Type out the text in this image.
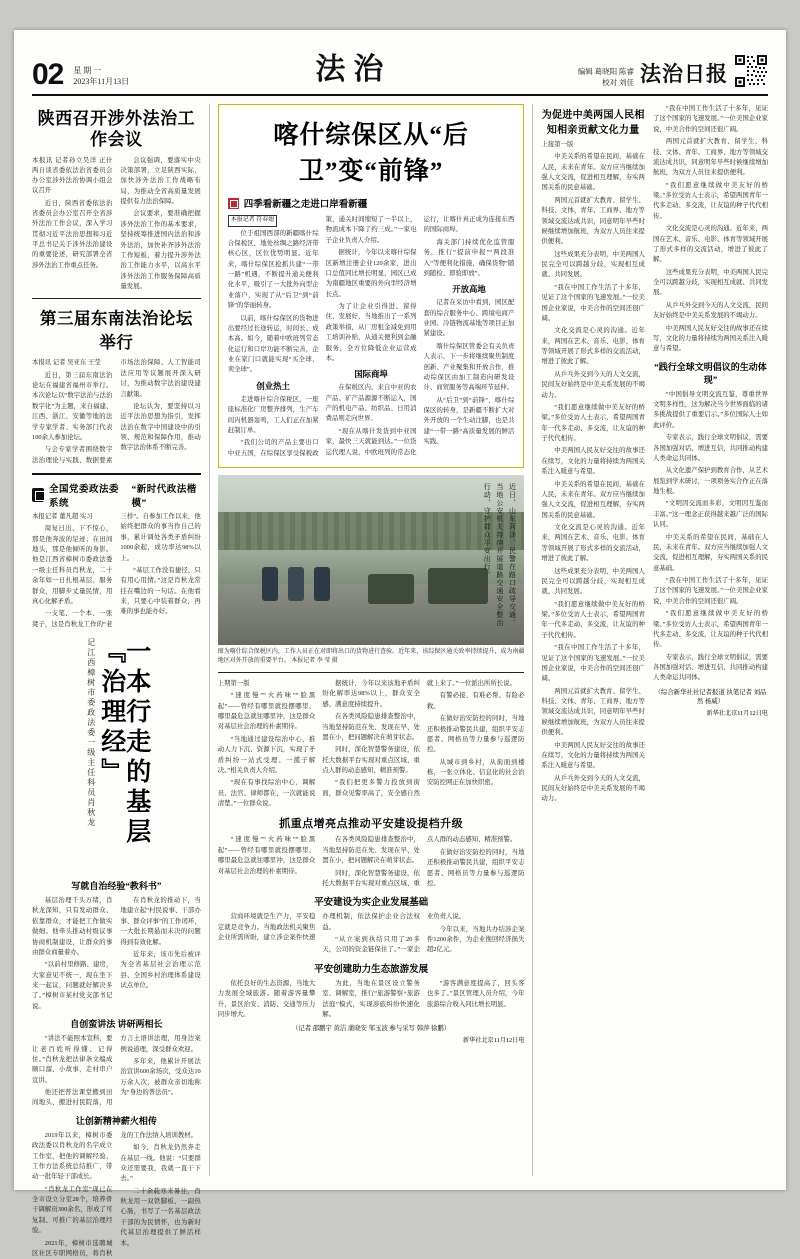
02 星期一
2023年11月13日	法治	编辑 葛晓阳 陈睿
校对 刘佳 法治日报
陕西召开涉外法治工作会议

本报讯 记者孙立昊洋 正什 两自谈省委依法治省委员会办公室涉外法治协调小组会议召开

近日，陕西省委依法治省委员会办公室召开全省涉外法治工作会议，深入学习贯彻习近平法治思想和习近平总书记关于涉外法治建设的重要论述，研究部署全省涉外法治工作重点任务。

会议强调，要落实中央决策部署，立足陕西实际，加快涉外法治工作战略布局，为推动全省高质量发展提供有力法治保障。

会议要求，要准确把握涉外法治工作的基本要求，坚持统筹推进国内法治和涉外法治，加快补齐涉外法治工作短板，着力提升涉外法治工作能力水平，以高水平涉外法治工作服务保障高质量发展。

第三届东南法治论坛举行

本报讯 记者 吴亚东 王莹

近日，第三届东南法治论坛在福建省福州市举行。本次论坛以“数字法治与法治数字化”为主题，来自福建、江西、浙江、安徽等地的法学专家学者、实务部门代表100余人参加论坛。

与会专家学者围绕数字法治理论与实践、数据要素市场法治保障、人工智能司法应用等议题展开深入研讨，为推动数字法治建设建言献策。

论坛认为，要坚持以习近平法治思想为指引，发挥法治在数字中国建设中的引领、规范和保障作用，推动数字法治体系不断完善。

全国党委政法委系统
“新时代政法楷模”

本报记者 董凡超 实习

周复日出、下不惊心，那是他奔波的足迹；在田间地头，那是他倾听的身影。他是江西省樟树市委政法委一级主任科员肖秋龙，二十余年如一日扎根基层、服务群众，用脚步丈量民情，用真心化解矛盾。

一支笔、一个本、一张凳子，这是肖秋龙工作的“老三样”。自参加工作以来，他始终把群众的事当作自己的事，累计调处各类矛盾纠纷1000余起，成功率达98%以上。

“基层工作没有捷径，只有用心用情。”这是肖秋龙常挂在嘴边的一句话。在他看来，只要心中装着群众，再难的事也能办好。

一本行走的基层『治理经』
记江西樟树市委政法委一级主任科员肖秋龙
写就自治经验“教科书”

基层治理千头万绪，肖秋龙深知，只有发动群众、依靠群众，才能把工作做实做细。他牵头推动村级议事协商机制建设，让群众的事由群众商量着办。

“以前村里修路、建房，大家意见不统一，现在坐下来一起议，问题就好解决多了。”樟树市某村党支部书记说。

在肖秋龙的推动下，当地建立起“村民说事、干部办事、群众评事”的工作闭环，一大批长期悬而未决的问题得到有效化解。

近年来，该市先后被评为全省基层社会治理示范县、全国乡村治理体系建设试点单位。

自创蛮讲法 讲研两相长

“讲法不能照本宣科，要让老百姓听得懂、记得住。”肖秋龙把法律条文编成顺口溜、小故事，走村串户宣讲。

他还把普法课堂搬到田间地头、搬进村民院落，用方言土语讲法理，用身边案例说道理，深受群众欢迎。

多年来，他累计开展法治宣讲600余场次，受众达10万余人次，被群众亲切地称为“身边的普法员”。

让创新精神薪火相传

2019年以来，樟树市委政法委以肖秋龙的名字成立工作室，把他的调解经验、工作方法系统总结推广，带动一批年轻干部成长。

“肖秋龙工作室”现已在全市设立分室28个，培养骨干调解员300余名，形成了可复制、可推广的基层治理经验。

2021年，樟树市选聘城区社区专职网格员，将肖秋龙的工作法纳入培训教材。

如今，肖秋龙仍然奔走在基层一线。他说：“只要群众还需要我，我就一直干下去。”

二十余载寒来暑往，肖秋龙用一双铁脚板、一副热心肠，书写了一名基层政法干部的为民情怀，也为新时代基层治理提供了鲜活样本。

喀什综保区从“后卫”变“前锋”
四季看新疆之走进口岸看新疆

本报记者 符春媳

位于祖国西部的新疆喀什综合保税区，地处丝绸之路经济带核心区，区位优势明显。近年来，喀什综保区抢抓共建“一带一路”机遇，不断提升通关便利化水平，吸引了一大批外向型企业落户，实现了从“后卫”到“前锋”的华丽转身。

以前，喀什综保区的货物进出要经过长途转运，时间长、成本高。如今，随着中欧班列常态化运行和口岸功能不断完善，企业在家门口就能实现“买全球、卖全球”。

创业热土

走进喀什综合保税区，一座座标准化厂房整齐排列，生产车间内机器轰鸣，工人们正在加紧赶制订单。

“我们公司的产品主要出口中亚五国，在综保区享受保税政策，通关时间缩短了一半以上，物流成本下降了约三成。”一家电子企业负责人介绍。

据统计，今年以来喀什综保区新增注册企业120余家，进出口总值同比增长明显，园区已成为南疆地区重要的外向型经济增长点。

为了让企业引得进、留得住、发展好，当地推出了一系列政策举措，从厂房租金减免到用工培训补贴，从通关便利到金融服务，全方位降低企业运营成本。

国际商埠

在保税区内，来自中亚的农产品、矿产品源源不断运入，国产的机电产品、纺织品、日用消费品则走向世界。

“现在从喀什发货到中亚国家，最快三天就能到达。”一位货运代理人说，中欧班列的常态化运行，让喀什真正成为连接东西的国际商埠。

海关部门持续优化监管服务，推行“提前申报”“两段准入”等便利化措施，确保货物“随到随检、即验即放”。

开放高地

记者在采访中看到，园区配套的综合服务中心、跨境电商产业园、冷链物流基地等项目正加紧建设。

喀什综保区管委会有关负责人表示，下一步将继续聚焦制度创新、产业聚集和开放合作，推动综保区由加工制造向研发设计、商贸服务等高端环节延伸。

从“后卫”到“前锋”，喀什综保区的转身，是新疆不断扩大对外开放的一个生动注脚，也是共建“一带一路”高质量发展的鲜活实践。

近日，山东菏泽，民警在路口疏导交通。当地公安机关持续开展道路交通安全整治行动，守护群众平安出行。
图为喀什综合保税区内，工作人员正在对即将出口的货物进行查验。近年来，该综保区通关效率持续提升，成为南疆地区对外开放的重要平台。 本报记者 李 莹 摄

上期第一版

“速度慢”“火药味”“脸黑起”——曾经有哪里就投摆哪里、哪里最危急就往哪里冲，这是群众对基层社会治理的朴素期待。

“当地通过建设综治中心，推动人力下沉、资源下沉，实现了矛盾纠纷一站式受理、一揽子解决。”相关负责人介绍。

“现在有事找综治中心，调解员、法官、律师都在，一次就能说清楚。”一位群众说。

据统计，今年以来该地矛盾纠纷化解率达98%以上，群众安全感、满意度持续提升。

在各类风险隐患排查整治中，当地坚持防范在先、发现在早、处置在小，把问题解决在萌芽状态。

同时，深化智慧警务建设，依托大数据平台实现对重点区域、重点人群的动态感知、精准预警。

“我们把更多警力投放到街面，群众见警率高了，安全感自然就上来了。”一位派出所所长说。

有警必接、有难必帮、有险必救。

在做好治安防控的同时，当地还积极推动警民共建，组织平安志愿者、网格员等力量参与巡逻防控。

从城市到乡村，从街面到楼栋，一张立体化、信息化的社会治安防控网正在加快织密。

抓重点增亮点推动平安建设提档升级

“速度慢”“火药味”“脸黑起”——曾经有哪里就投摆哪里、哪里最危急就往哪里冲，这是群众对基层社会治理的朴素期待。

在各类风险隐患排查整治中，当地坚持防范在先、发现在早、处置在小，把问题解决在萌芽状态。

同时，深化智慧警务建设，依托大数据平台实现对重点区域、重点人群的动态感知、精准预警。

在做好治安防控的同时，当地还积极推动警民共建，组织平安志愿者、网格员等力量参与巡逻防控。

平安建设为实企业发展基础

营商环境就是生产力，平安稳定就是竞争力。当地政法机关聚焦企业所需所盼，建立涉企案件快速办理机制，依法保护企业合法权益。

“从立案到执结只用了20多天，公司的资金链保住了。”一家企业负责人说。

今年以来，当地共办结涉企案件1200余件，为企业挽回经济损失超2亿元。

平安创建助力生态旅游发展

依托良好的生态资源，当地大力发展全域旅游。随着游客量攀升，景区治安、消防、交通等压力同步增大。

为此，当地在景区设立警务室、调解室，推行“旅游警察+旅游法庭”模式，实现涉旅纠纷快速化解。

“游客满意度提高了，回头客也多了。”景区管理人员介绍，今年旅游综合收入同比增长明显。

（记者 邵鹏宇 黄洁 蒲晓安 邹⽟波 参与采写 韩萍 徐鹏）
新华社北京11月12日电
为促进中美两国人民相知相亲贡献文化力量

上接第一版

中美关系的希望在民间，基础在人民，未来在青年。双方应当继续加强人文交流，促进相互理解，夯实两国关系的民意基础。

两国元首就扩大教育、留学生、科技、文体、青年、工商界、地方等领域交流达成共识，同意明年早些时候继续增加航班，为双方人员往来提供便利。

这些成果充分表明，中美两国人民完全可以跨越分歧，实现相互成就、共同发展。

“我在中国工作生活了十多年，见证了这个国家的飞速发展。”一位美国企业家说，中美合作的空间还很广阔。

文化交流是心灵的沟通。近年来，两国在艺术、音乐、电影、体育等领域开展了形式多样的交流活动，增进了彼此了解。

从乒乓外交到今天的人文交流，民间友好始终是中美关系发展的不竭动力。

“我们愿意继续做中美友好的桥梁。”多位受访人士表示，希望两国青年一代多走动、多交流，让友谊的种子代代相传。

中美两国人民友好交往的故事还在续写，文化的力量将持续为两国关系注入暖意与希望。

中美关系的希望在民间，基础在人民，未来在青年。双方应当继续加强人文交流，促进相互理解，夯实两国关系的民意基础。

文化交流是心灵的沟通。近年来，两国在艺术、音乐、电影、体育等领域开展了形式多样的交流活动，增进了彼此了解。

这些成果充分表明，中美两国人民完全可以跨越分歧，实现相互成就、共同发展。

“我们愿意继续做中美友好的桥梁。”多位受访人士表示，希望两国青年一代多走动、多交流，让友谊的种子代代相传。

“我在中国工作生活了十多年，见证了这个国家的飞速发展。”一位美国企业家说，中美合作的空间还很广阔。

两国元首就扩大教育、留学生、科技、文体、青年、工商界、地方等领域交流达成共识，同意明年早些时候继续增加航班，为双方人员往来提供便利。

中美两国人民友好交往的故事还在续写，文化的力量将持续为两国关系注入暖意与希望。

从乒乓外交到今天的人文交流，民间友好始终是中美关系发展的不竭动力。

“我在中国工作生活了十多年，见证了这个国家的飞速发展。”一位美国企业家说，中美合作的空间还很广阔。

两国元首就扩大教育、留学生、科技、文体、青年、工商界、地方等领域交流达成共识，同意明年早些时候继续增加航班，为双方人员往来提供便利。

“我们愿意继续做中美友好的桥梁。”多位受访人士表示，希望两国青年一代多走动、多交流，让友谊的种子代代相传。

文化交流是心灵的沟通。近年来，两国在艺术、音乐、电影、体育等领域开展了形式多样的交流活动，增进了彼此了解。

这些成果充分表明，中美两国人民完全可以跨越分歧，实现相互成就、共同发展。

从乒乓外交到今天的人文交流，民间友好始终是中美关系发展的不竭动力。

中美两国人民友好交往的故事还在续写，文化的力量将持续为两国关系注入暖意与希望。

“践行全球文明倡议的生动体现”

“中国倡导文明交流互鉴，尊重世界文明多样性，这为解决当今世界面临的诸多挑战提供了重要启示。”多位国际人士如此评价。

专家表示，践行全球文明倡议，需要各国加强对话、增进互信，共同推动构建人类命运共同体。

从文化遗产保护到教育合作，从艺术展览到学术研讨，一项项务实合作正在落地生根。

“文明因交流而多彩，文明因互鉴而丰富。”这一理念正获得越来越广泛的国际认同。

中美关系的希望在民间，基础在人民，未来在青年。双方应当继续加强人文交流，促进相互理解，夯实两国关系的民意基础。

“我在中国工作生活了十多年，见证了这个国家的飞速发展。”一位美国企业家说，中美合作的空间还很广阔。

“我们愿意继续做中美友好的桥梁。”多位受访人士表示，希望两国青年一代多走动、多交流，让友谊的种子代代相传。

专家表示，践行全球文明倡议，需要各国加强对话、增进互信，共同推动构建人类命运共同体。

（综合新华社社记者报道 执笔记者 刘品然 杨威）
新华社北京11月12日电
